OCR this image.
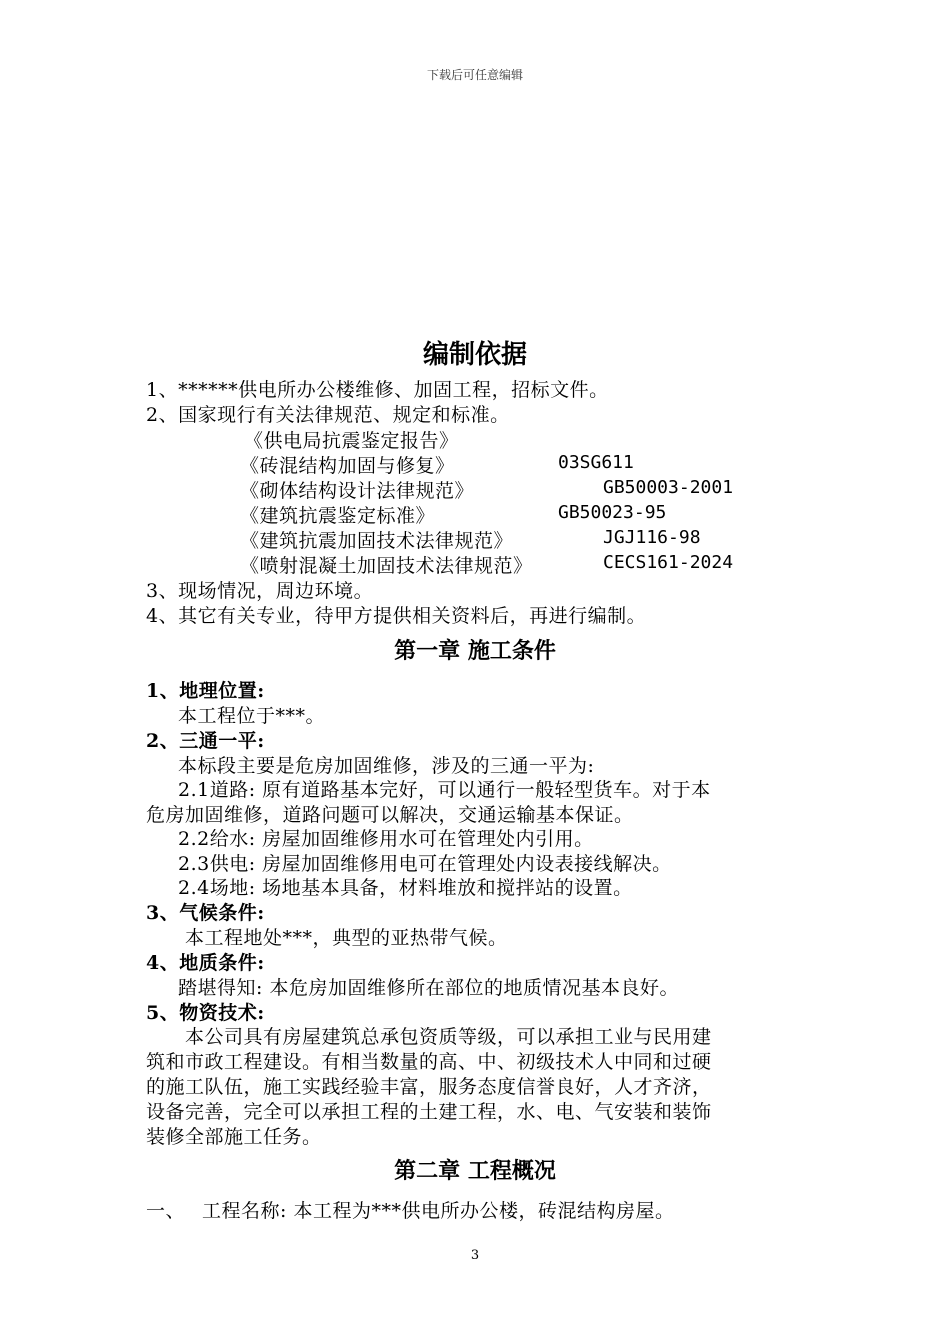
下载后可任意编辑
编制依据
1、******供电所办公楼维修、加固工程，招标文件。
2、国家现行有关法律规范、规定和标准。
《供电局抗震鉴定报告》
《砖混结构加固与修复》	03SG611
《砌体结构设计法律规范》	GB50003-2001
《建筑抗震鉴定标准》	GB50023-95
《建筑抗震加固技术法律规范》	JGJ116-98
《喷射混凝土加固技术法律规范》	CECS161-2024
3、现场情况，周边环境。
4、其它有关专业，待甲方提供相关资料后，再进行编制。
第一章 施工条件
1、地理位置:
本工程位于***。
2、三通一平:
本标段主要是危房加固维修，涉及的三通一平为:
2.1道路: 原有道路基本完好，可以通行一般轻型货车。对于本
危房加固维修，道路问题可以解决，交通运输基本保证。
2.2给水: 房屋加固维修用水可在管理处内引用。
2.3供电: 房屋加固维修用电可在管理处内设表接线解决。
2.4场地: 场地基本具备，材料堆放和搅拌站的设置。
3、气候条件:
本工程地处***，典型的亚热带气候。
4、地质条件:
踏堪得知: 本危房加固维修所在部位的地质情况基本良好。
5、物资技术:
本公司具有房屋建筑总承包资质等级，可以承担工业与民用建
筑和市政工程建设。有相当数量的高、中、初级技术人中同和过硬
的施工队伍，施工实践经验丰富，服务态度信誉良好，人才齐济，
设备完善，完全可以承担工程的土建工程，水、电、气安装和装饰
装修全部施工任务。
第二章 工程概况
一、 工程名称: 本工程为***供电所办公楼，砖混结构房屋。
3
